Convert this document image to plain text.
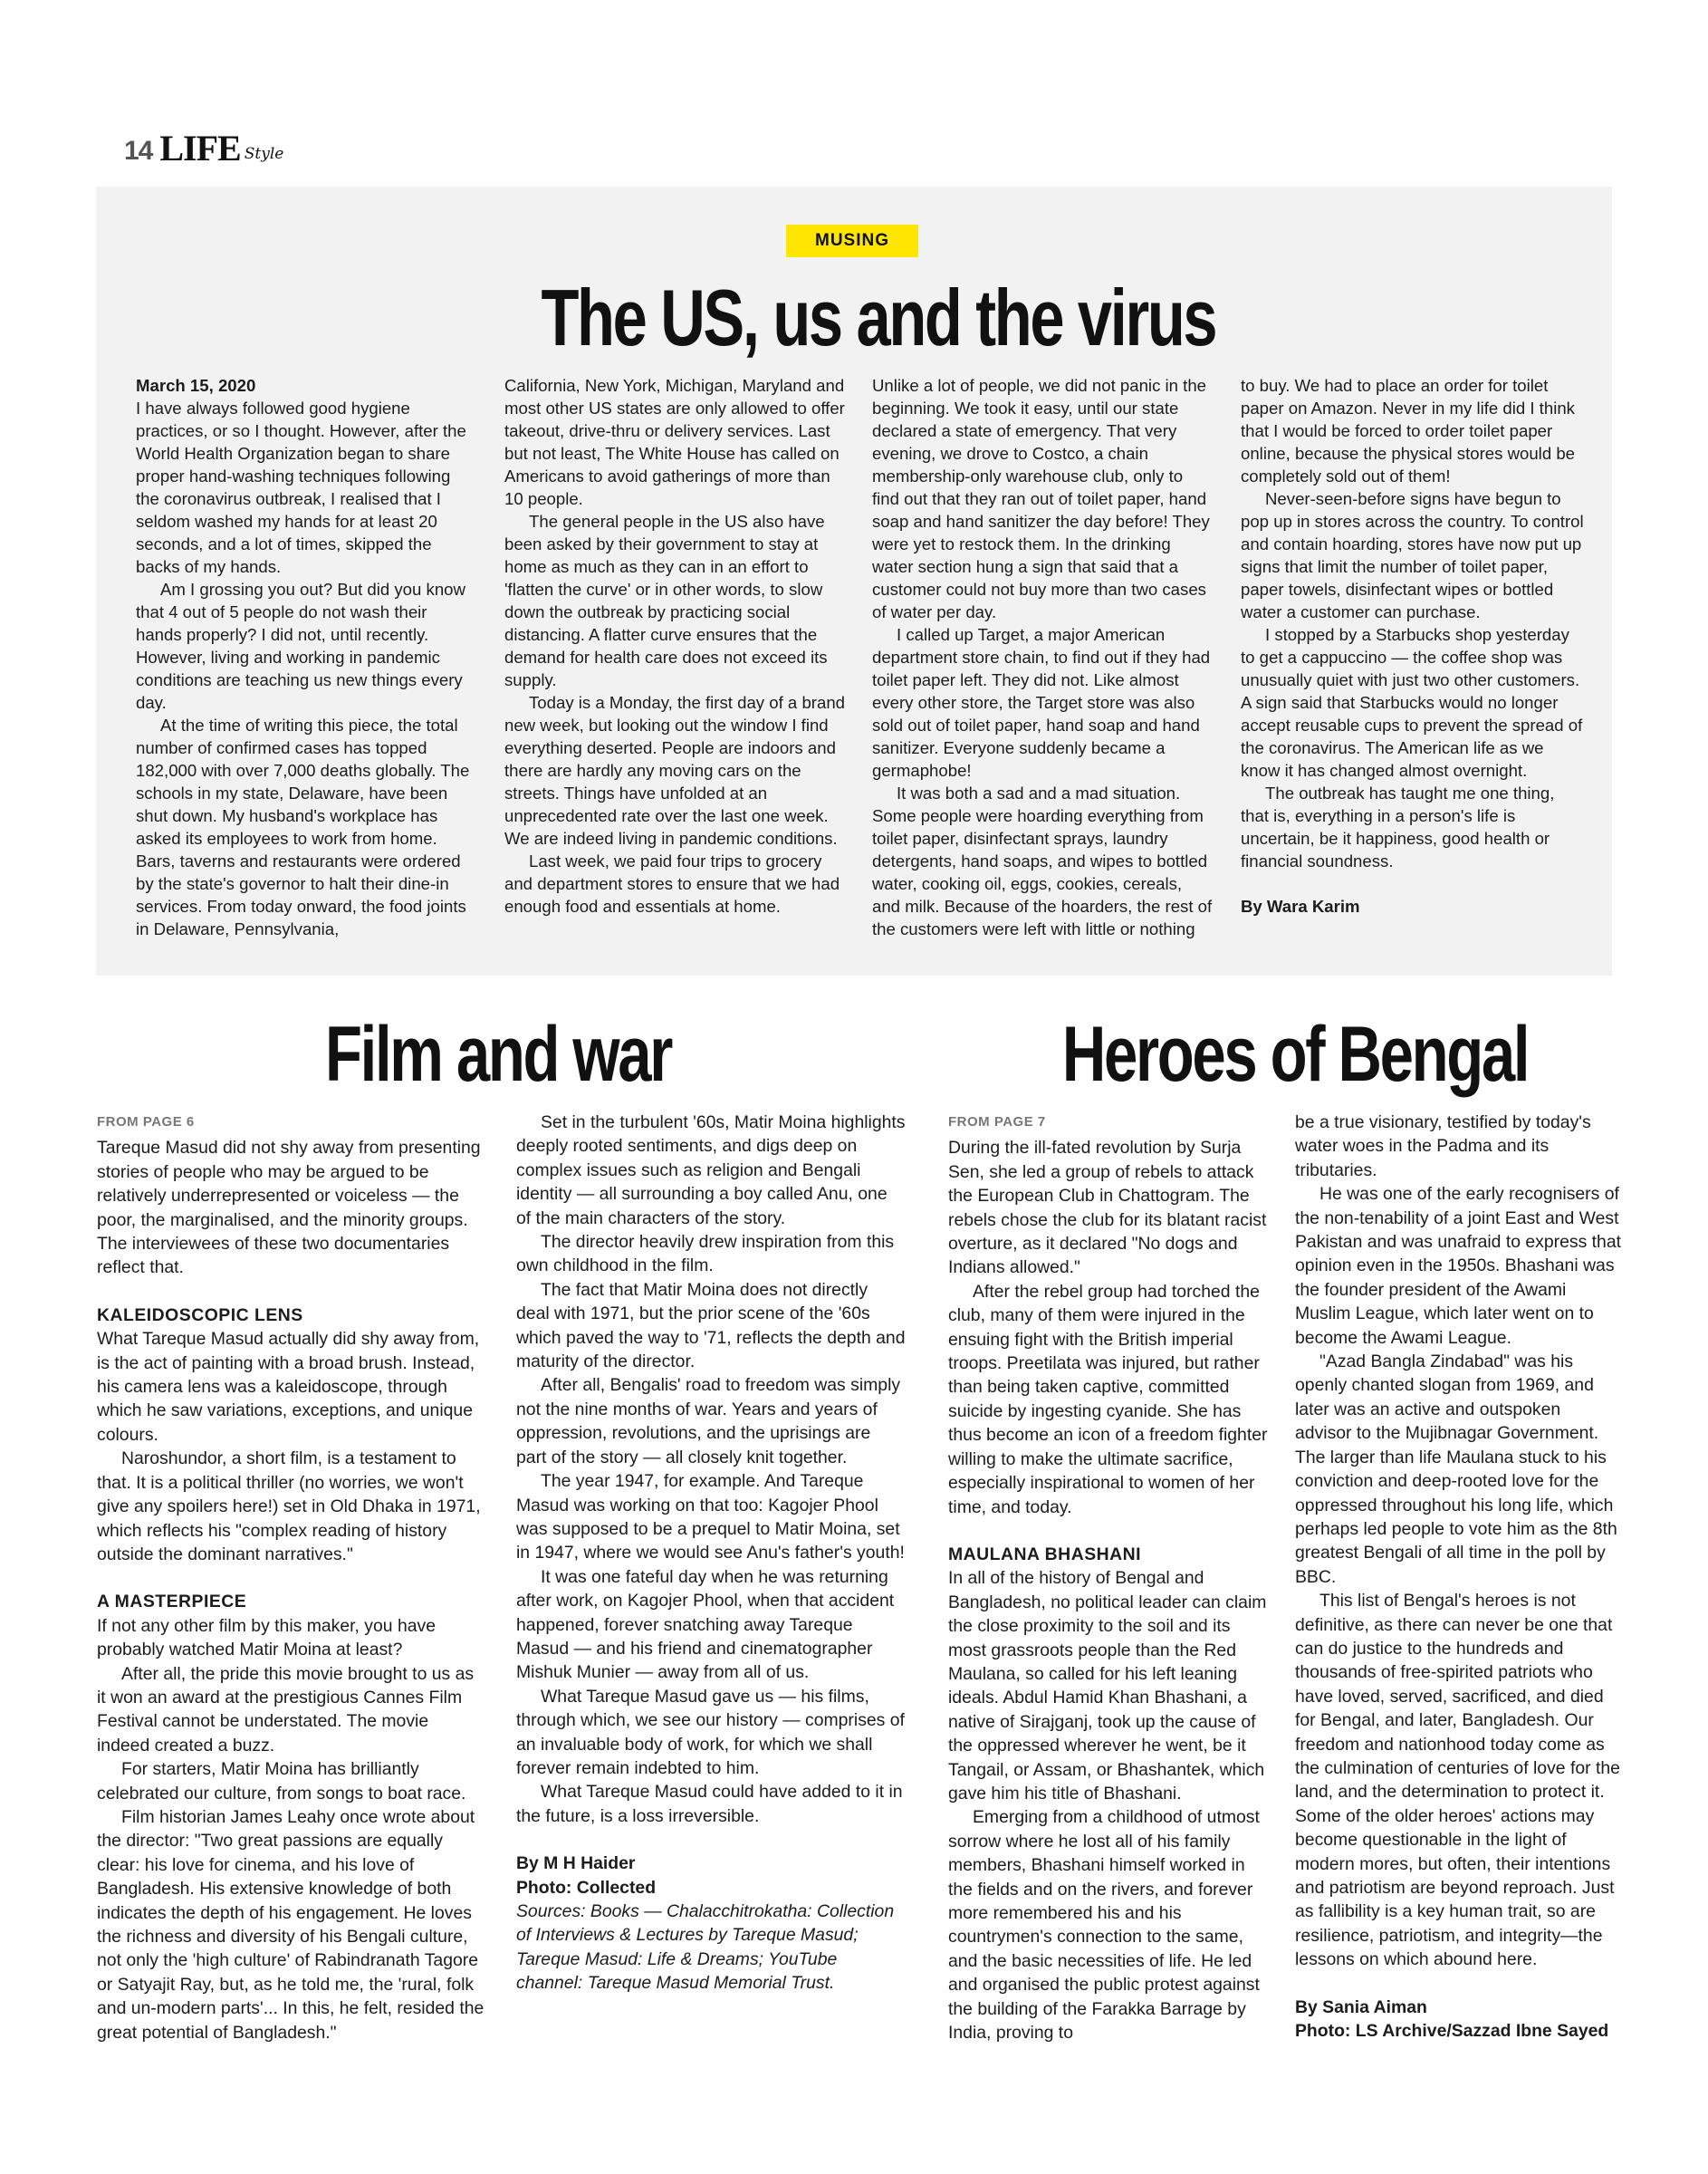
14 LIFE Style
MUSING
The US, us and the virus

March 15, 2020

I have always followed good hygiene practices, or so I thought. However, after the World Health Organization began to share proper hand-washing techniques following the coronavirus outbreak, I realised that I seldom washed my hands for at least 20 seconds, and a lot of times, skipped the backs of my hands.

Am I grossing you out? But did you know that 4 out of 5 people do not wash their hands properly? I did not, until recently. However, living and working in pandemic conditions are teaching us new things every day.

At the time of writing this piece, the total number of confirmed cases has topped 182,000 with over 7,000 deaths globally. The schools in my state, Delaware, have been shut down. My husband's workplace has asked its employees to work from home. Bars, taverns and restaurants were ordered by the state's governor to halt their dine-in services. From today onward, the food joints in Delaware, Pennsylvania,

California, New York, Michigan, Maryland and most other US states are only allowed to offer takeout, drive-thru or delivery services. Last but not least, The White House has called on Americans to avoid gatherings of more than 10 people.

The general people in the US also have been asked by their government to stay at home as much as they can in an effort to 'flatten the curve' or in other words, to slow down the outbreak by practicing social distancing. A flatter curve ensures that the demand for health care does not exceed its supply.

Today is a Monday, the first day of a brand new week, but looking out the window I find everything deserted. People are indoors and there are hardly any moving cars on the streets. Things have unfolded at an unprecedented rate over the last one week. We are indeed living in pandemic conditions.

Last week, we paid four trips to grocery and department stores to ensure that we had enough food and essentials at home.

Unlike a lot of people, we did not panic in the beginning. We took it easy, until our state declared a state of emergency. That very evening, we drove to Costco, a chain membership-only warehouse club, only to find out that they ran out of toilet paper, hand soap and hand sanitizer the day before! They were yet to restock them. In the drinking water section hung a sign that said that a customer could not buy more than two cases of water per day.

I called up Target, a major American department store chain, to find out if they had toilet paper left. They did not. Like almost every other store, the Target store was also sold out of toilet paper, hand soap and hand sanitizer. Everyone suddenly became a germaphobe!

It was both a sad and a mad situation. Some people were hoarding everything from toilet paper, disinfectant sprays, laundry detergents, hand soaps, and wipes to bottled water, cooking oil, eggs, cookies, cereals, and milk. Because of the hoarders, the rest of the customers were left with little or nothing

to buy. We had to place an order for toilet paper on Amazon. Never in my life did I think that I would be forced to order toilet paper online, because the physical stores would be completely sold out of them!

Never-seen-before signs have begun to pop up in stores across the country. To control and contain hoarding, stores have now put up signs that limit the number of toilet paper, paper towels, disinfectant wipes or bottled water a customer can purchase.

I stopped by a Starbucks shop yesterday to get a cappuccino — the coffee shop was unusually quiet with just two other customers. A sign said that Starbucks would no longer accept reusable cups to prevent the spread of the coronavirus. The American life as we know it has changed almost overnight.

The outbreak has taught me one thing, that is, everything in a person's life is uncertain, be it happiness, good health or financial soundness.

By Wara Karim

Film and war	Heroes of Bengal

FROM PAGE 6

Tareque Masud did not shy away from presenting stories of people who may be argued to be relatively underrepresented or voiceless — the poor, the marginalised, and the minority groups. The interviewees of these two documentaries reflect that.

KALEIDOSCOPIC LENS

What Tareque Masud actually did shy away from, is the act of painting with a broad brush. Instead, his camera lens was a kaleidoscope, through which he saw variations, exceptions, and unique colours.

Naroshundor, a short film, is a testament to that. It is a political thriller (no worries, we won't give any spoilers here!) set in Old Dhaka in 1971, which reflects his "complex reading of history outside the dominant narratives."

A MASTERPIECE

If not any other film by this maker, you have probably watched Matir Moina at least?

After all, the pride this movie brought to us as it won an award at the prestigious Cannes Film Festival cannot be understated. The movie indeed created a buzz.

For starters, Matir Moina has brilliantly celebrated our culture, from songs to boat race.

Film historian James Leahy once wrote about the director: "Two great passions are equally clear: his love for cinema, and his love of Bangladesh. His extensive knowledge of both indicates the depth of his engagement. He loves the richness and diversity of his Bengali culture, not only the 'high culture' of Rabindranath Tagore or Satyajit Ray, but, as he told me, the 'rural, folk and un-modern parts'... In this, he felt, resided the great potential of Bangladesh."

Set in the turbulent '60s, Matir Moina highlights deeply rooted sentiments, and digs deep on complex issues such as religion and Bengali identity — all surrounding a boy called Anu, one of the main characters of the story.

The director heavily drew inspiration from this own childhood in the film.

The fact that Matir Moina does not directly deal with 1971, but the prior scene of the '60s which paved the way to '71, reflects the depth and maturity of the director.

After all, Bengalis' road to freedom was simply not the nine months of war. Years and years of oppression, revolutions, and the uprisings are part of the story — all closely knit together.

The year 1947, for example. And Tareque Masud was working on that too: Kagojer Phool was supposed to be a prequel to Matir Moina, set in 1947, where we would see Anu's father's youth!

It was one fateful day when he was returning after work, on Kagojer Phool, when that accident happened, forever snatching away Tareque Masud — and his friend and cinematographer Mishuk Munier — away from all of us.

What Tareque Masud gave us — his films, through which, we see our history — comprises of an invaluable body of work, for which we shall forever remain indebted to him.

What Tareque Masud could have added to it in the future, is a loss irreversible.

By M H Haider

Photo: Collected

Sources: Books — Chalacchitrokatha: Collection of Interviews & Lectures by Tareque Masud; Tareque Masud: Life & Dreams; YouTube channel: Tareque Masud Memorial Trust.

FROM PAGE 7

During the ill-fated revolution by Surja Sen, she led a group of rebels to attack the European Club in Chattogram. The rebels chose the club for its blatant racist overture, as it declared "No dogs and Indians allowed."

After the rebel group had torched the club, many of them were injured in the ensuing fight with the British imperial troops. Preetilata was injured, but rather than being taken captive, committed suicide by ingesting cyanide. She has thus become an icon of a freedom fighter willing to make the ultimate sacrifice, especially inspirational to women of her time, and today.

MAULANA BHASHANI

In all of the history of Bengal and Bangladesh, no political leader can claim the close proximity to the soil and its most grassroots people than the Red Maulana, so called for his left leaning ideals. Abdul Hamid Khan Bhashani, a native of Sirajganj, took up the cause of the oppressed wherever he went, be it Tangail, or Assam, or Bhashantek, which gave him his title of Bhashani.

Emerging from a childhood of utmost sorrow where he lost all of his family members, Bhashani himself worked in the fields and on the rivers, and forever more remembered his and his countrymen's connection to the same, and the basic necessities of life. He led and organised the public protest against the building of the Farakka Barrage by India, proving to

be a true visionary, testified by today's water woes in the Padma and its tributaries.

He was one of the early recognisers of the non-tenability of a joint East and West Pakistan and was unafraid to express that opinion even in the 1950s. Bhashani was the founder president of the Awami Muslim League, which later went on to become the Awami League.

"Azad Bangla Zindabad" was his openly chanted slogan from 1969, and later was an active and outspoken advisor to the Mujibnagar Government. The larger than life Maulana stuck to his conviction and deep-rooted love for the oppressed throughout his long life, which perhaps led people to vote him as the 8th greatest Bengali of all time in the poll by BBC.

This list of Bengal's heroes is not definitive, as there can never be one that can do justice to the hundreds and thousands of free-spirited patriots who have loved, served, sacrificed, and died for Bengal, and later, Bangladesh. Our freedom and nationhood today come as the culmination of centuries of love for the land, and the determination to protect it. Some of the older heroes' actions may become questionable in the light of modern mores, but often, their intentions and patriotism are beyond reproach. Just as fallibility is a key human trait, so are resilience, patriotism, and integrity—the lessons on which abound here.

By Sania Aiman

Photo: LS Archive/Sazzad Ibne Sayed
